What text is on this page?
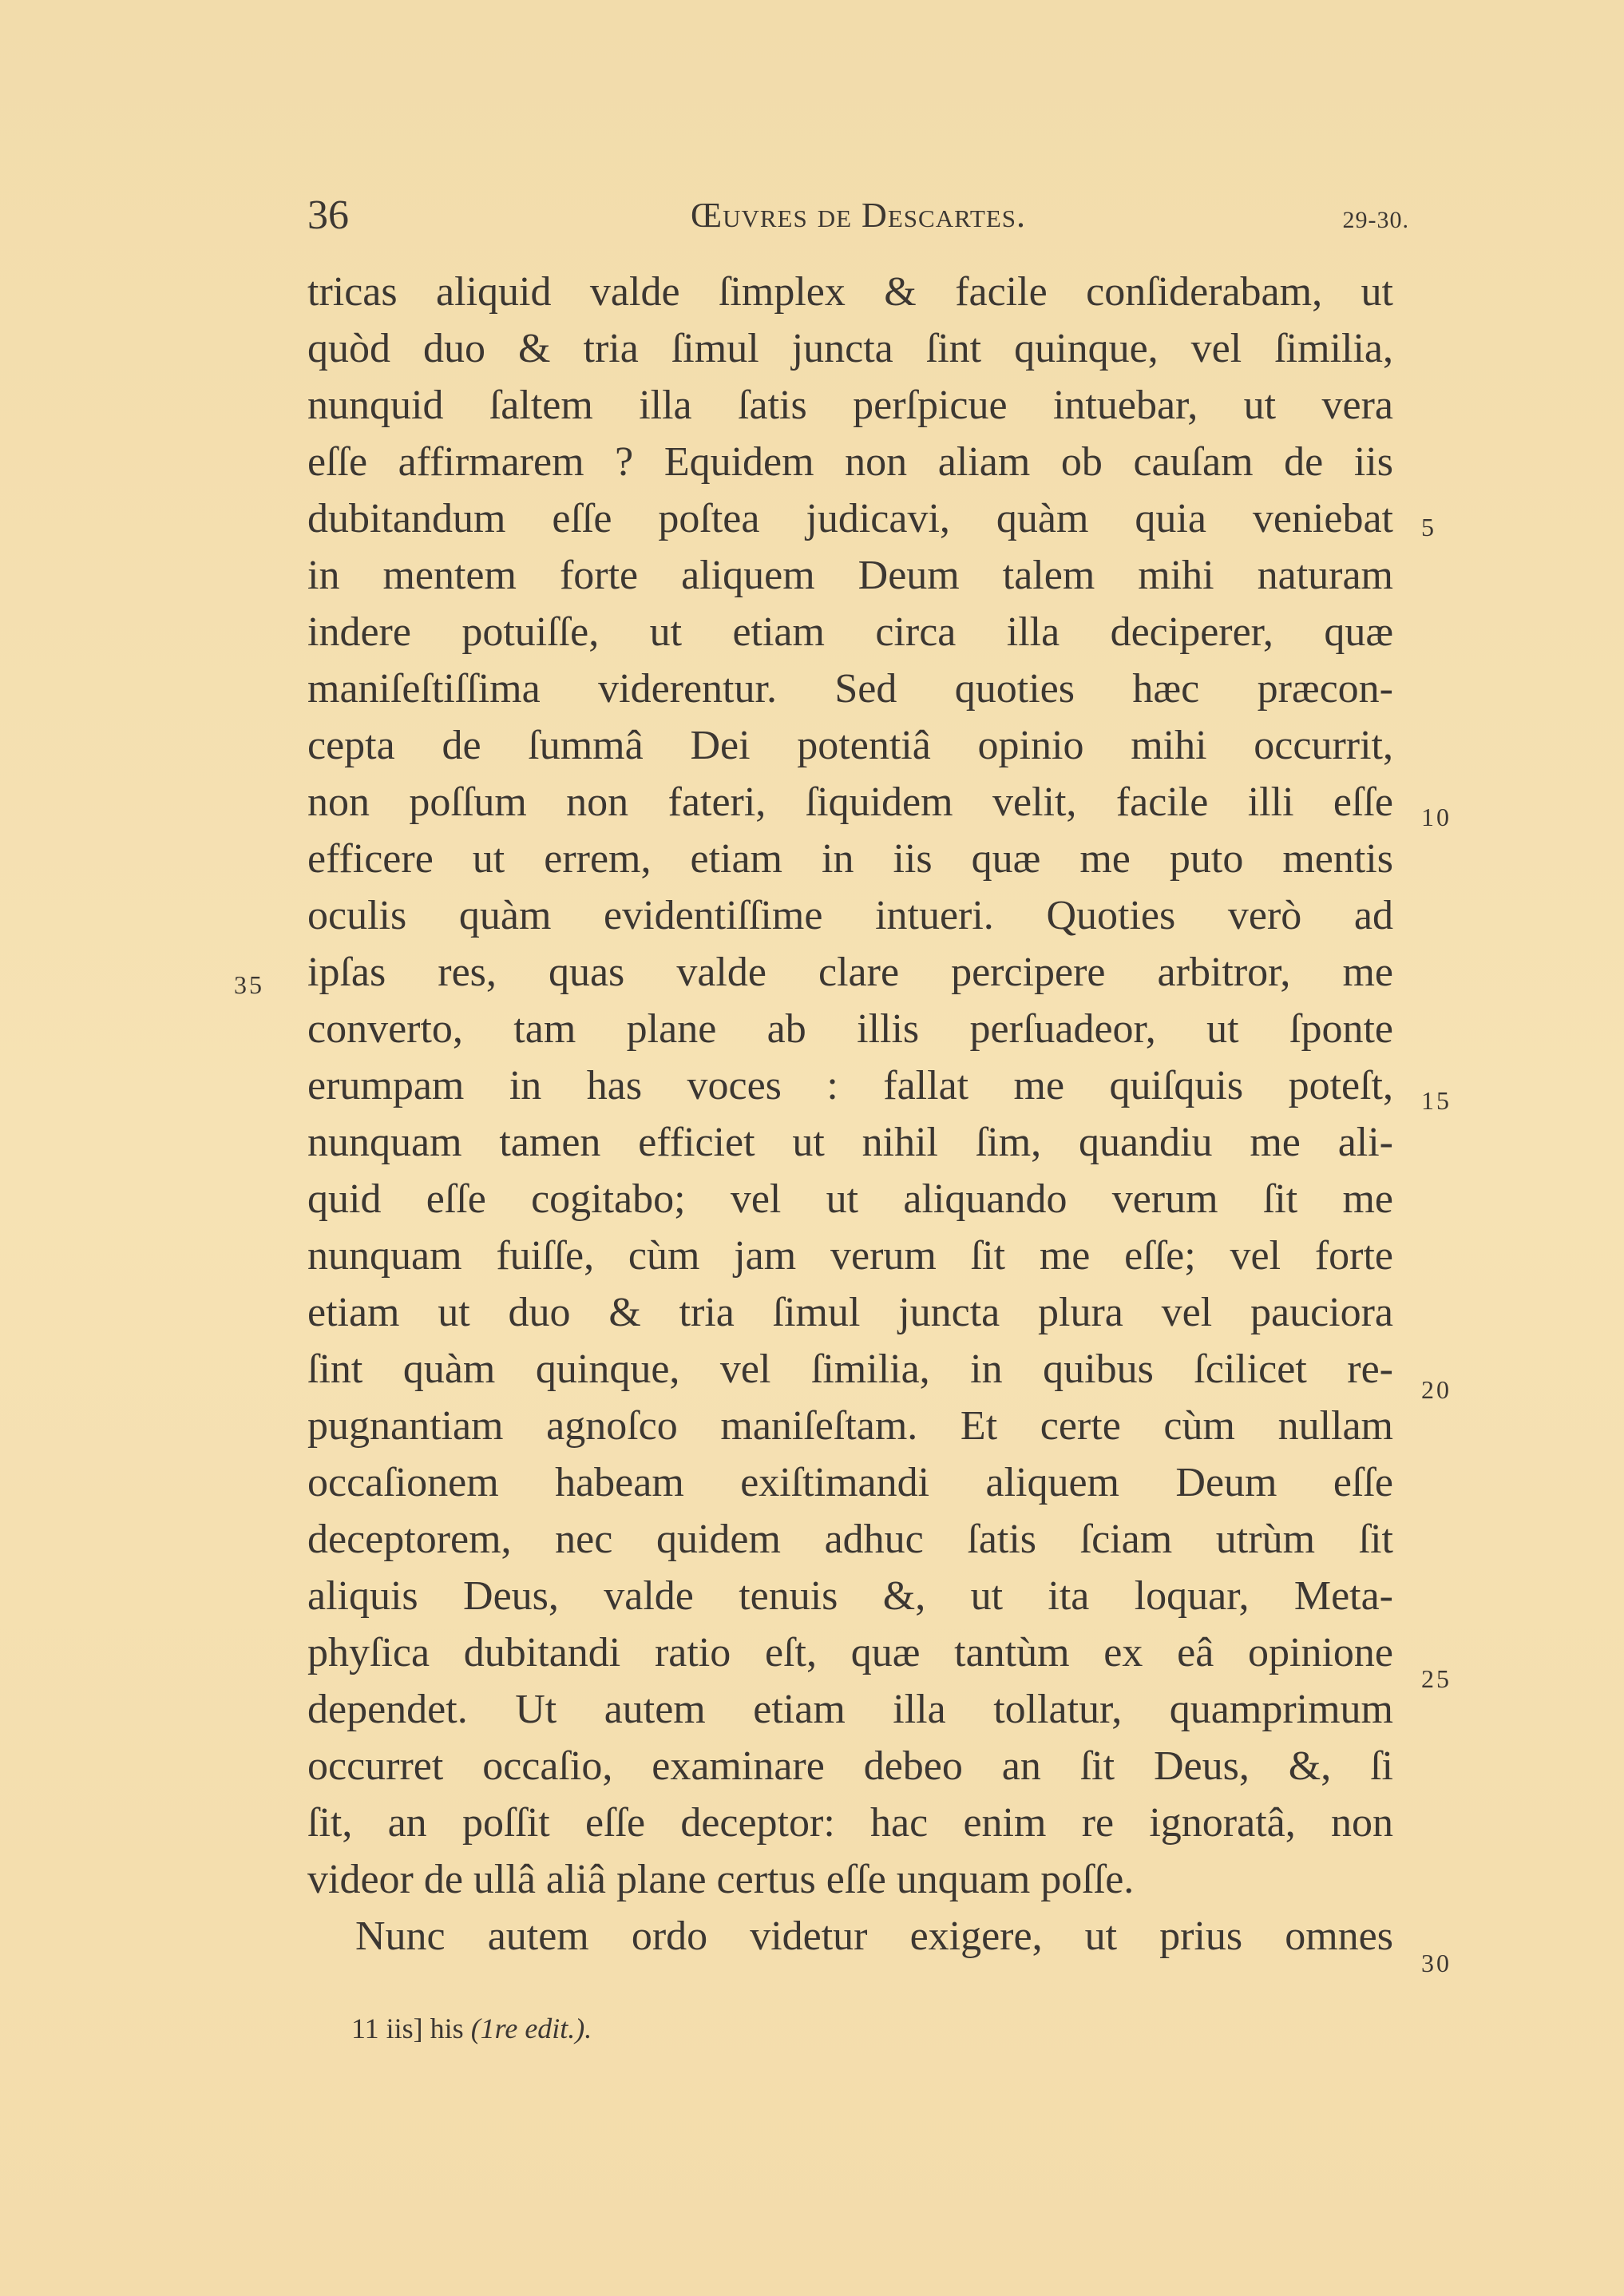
36	Œuvres de Descartes.	29-30.
tricas aliquid valde ſimplex & facile conſiderabam, ut
quòd duo & tria ſimul juncta ſint quinque, vel ſimilia,
nunquid ſaltem illa ſatis perſpicue intuebar, ut vera
eſſe affirmarem ? Equidem non aliam ob cauſam de iis
dubitandum eſſe poſtea judicavi, quàm quia veniebat
in mentem forte aliquem Deum talem mihi naturam
indere potuiſſe, ut etiam circa illa deciperer, quæ
maniſeſtiſſima viderentur. Sed quoties hæc præcon-
cepta de ſummâ Dei potentiâ opinio mihi occurrit,
non poſſum non fateri, ſiquidem velit, facile illi eſſe
efficere ut errem, etiam in iis quæ me puto mentis
oculis quàm evidentiſſime intueri. Quoties verò ad
ipſas res, quas valde clare percipere arbitror, me
converto, tam plane ab illis perſuadeor, ut ſponte
erumpam in has voces : fallat me quiſquis poteſt,
nunquam tamen efficiet ut nihil ſim, quandiu me ali-
quid eſſe cogitabo; vel ut aliquando verum ſit me
nunquam fuiſſe, cùm jam verum ſit me eſſe; vel forte
etiam ut duo & tria ſimul juncta plura vel pauciora
ſint quàm quinque, vel ſimilia, in quibus ſcilicet re-
pugnantiam agnoſco maniſeſtam. Et certe cùm nullam
occaſionem habeam exiſtimandi aliquem Deum eſſe
deceptorem, nec quidem adhuc ſatis ſciam utrùm ſit
aliquis Deus, valde tenuis &, ut ita loquar, Meta-
phyſica dubitandi ratio eſt, quæ tantùm ex eâ opinione
dependet. Ut autem etiam illa tollatur, quamprimum
occurret occaſio, examinare debeo an ſit Deus, &, ſi
ſit, an poſſit eſſe deceptor: hac enim re ignoratâ, non
videor de ullâ aliâ plane certus eſſe unquam poſſe.
Nunc autem ordo videtur exigere, ut prius omnes
5
10
15
20
25
30
35
11 iis] his (1re edit.).
